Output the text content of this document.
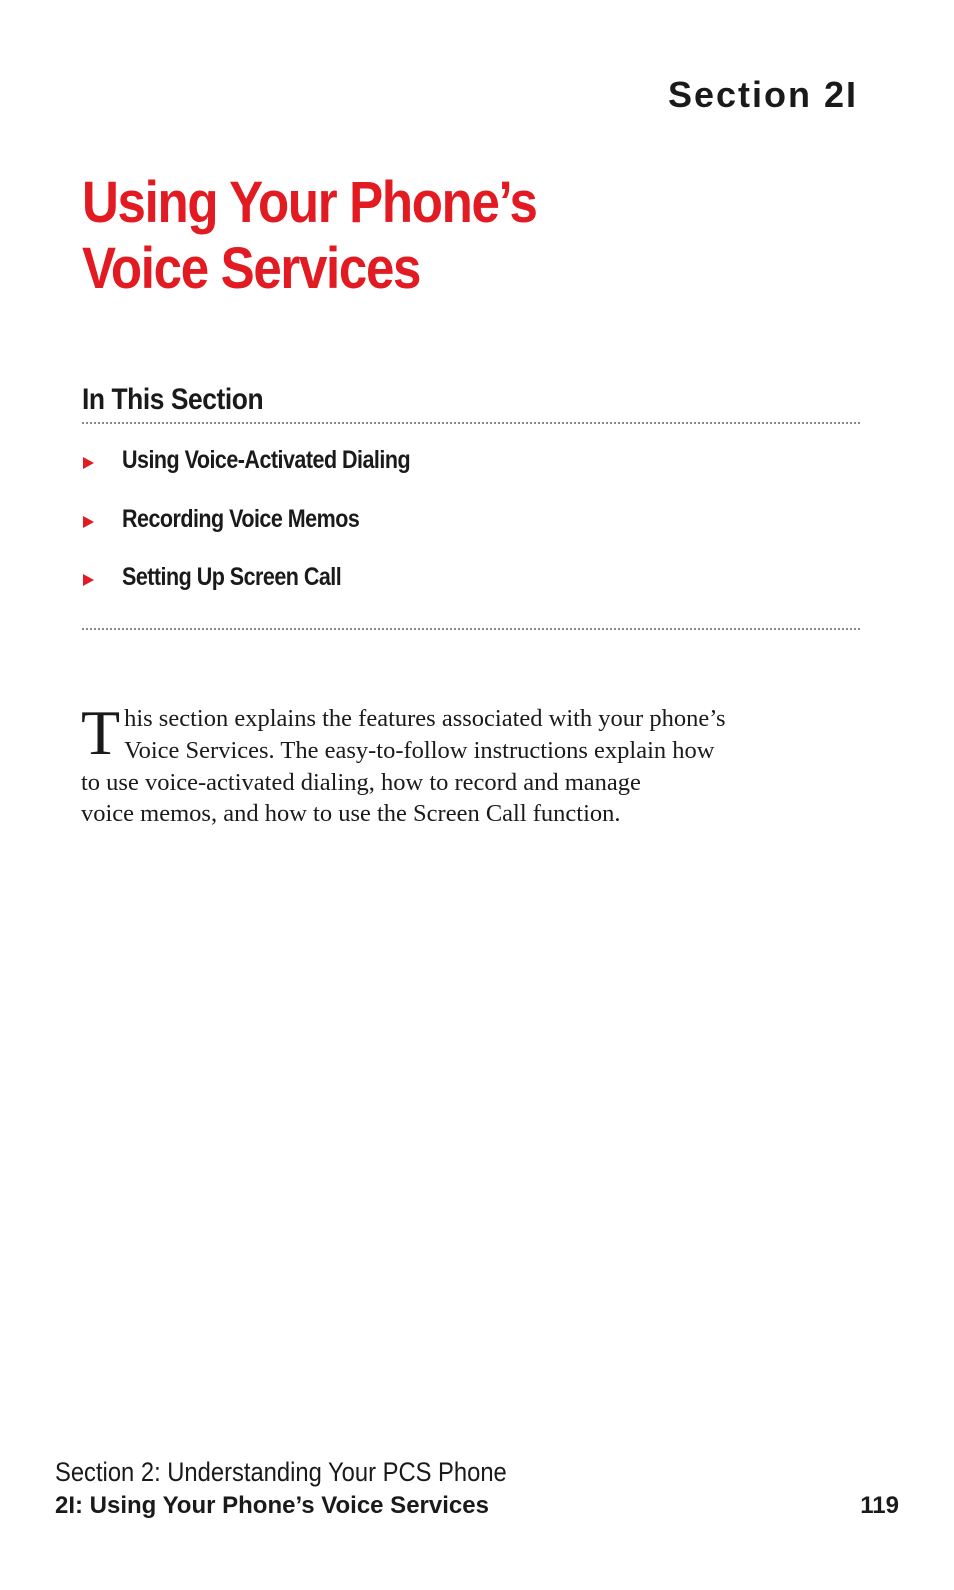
Section 2I
Using Your Phone’s
Voice Services
In This Section
Using Voice-Activated Dialing
Recording Voice Memos
Setting Up Screen Call
T his section explains the features associated with your phone’s
Voice Services. The easy-to-follow instructions explain how
to use voice-activated dialing, how to record and manage
voice memos, and how to use the Screen Call function.
Section 2: Understanding Your PCS Phone
2I: Using Your Phone’s Voice Services	119
